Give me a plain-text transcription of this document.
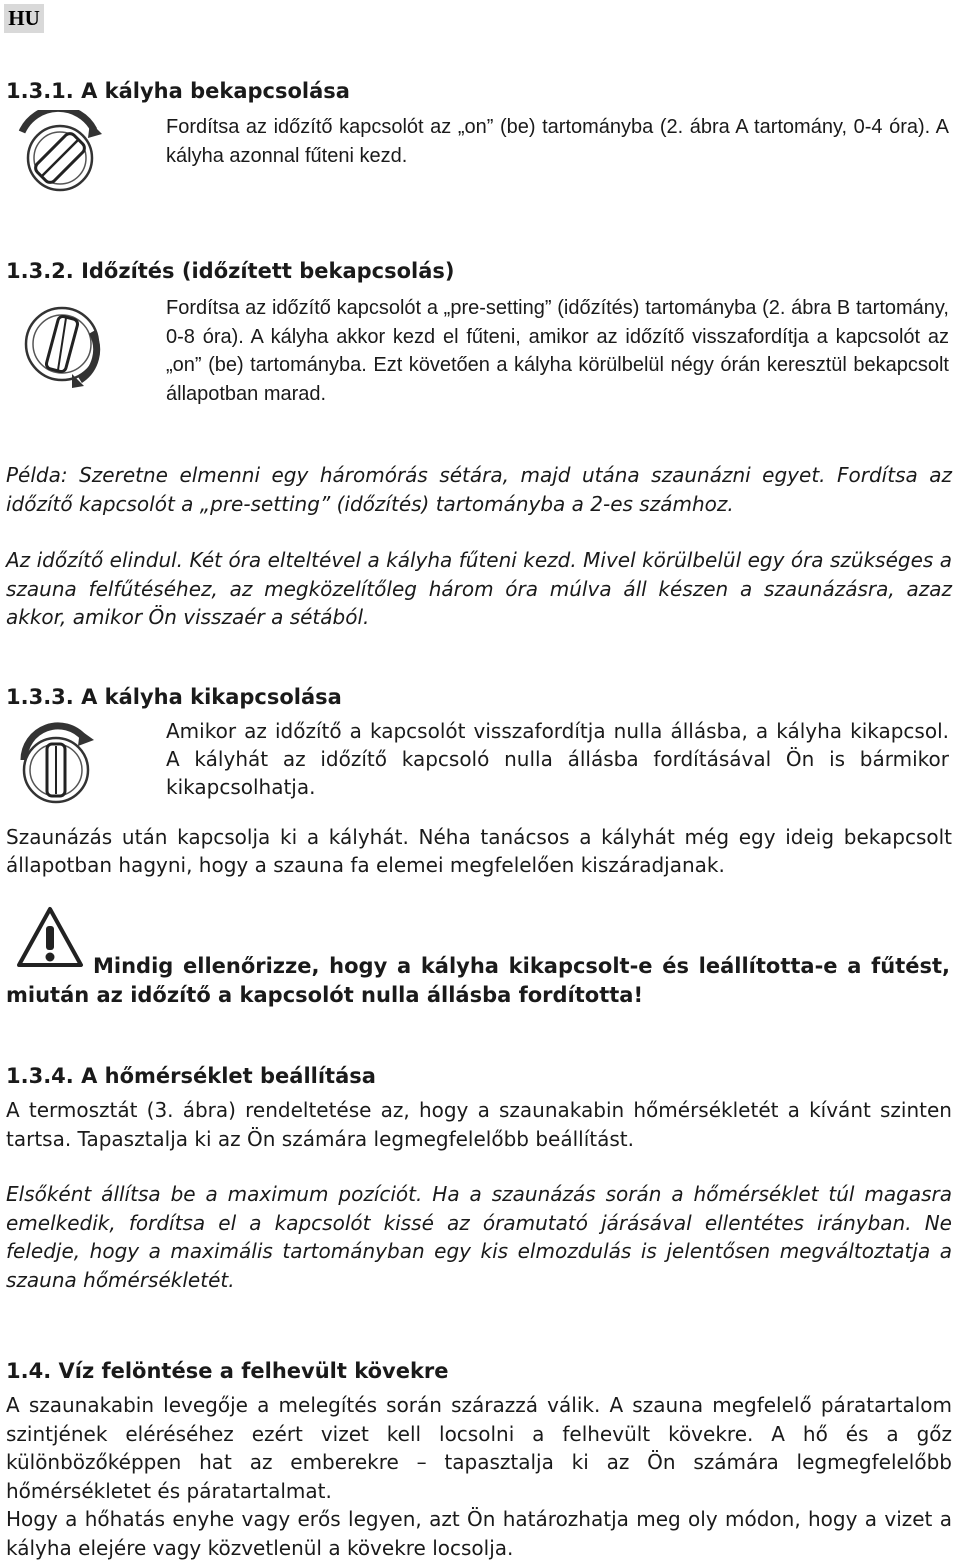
HU
1.3.1. A kályha bekapcsolása
Fordítsa az időzítő kapcsolót az „on” (be) tartományba (2. ábra A tartomány, 0-4 óra). A kályha azonnal fűteni kezd.
1.3.2. Időzítés (időzített bekapcsolás)
Fordítsa az időzítő kapcsolót a „pre-setting” (időzítés) tartományba (2. ábra B tartomány, 0-8 óra). A kályha akkor kezd el fűteni, amikor az időzítő visszafordítja a kapcsolót az „on” (be) tartományba. Ezt követően a kályha körülbelül négy órán keresztül bekapcsolt állapotban marad.
Példa: Szeretne elmenni egy háromórás sétára, majd utána szaunázni egyet. Fordítsa az időzítő kapcsolót a „pre-setting” (időzítés) tartományba a 2-es számhoz.
Az időzítő elindul. Két óra elteltével a kályha fűteni kezd. Mivel körülbelül egy óra szükséges a szauna felfűtéséhez, az megközelítőleg három óra múlva áll készen a szaunázásra, azaz akkor, amikor Ön visszaér a sétából.
1.3.3. A kályha kikapcsolása
Amikor az időzítő a kapcsolót visszafordítja nulla állásba, a kályha kikapcsol. A kályhát az időzítő kapcsoló nulla állásba fordításával Ön is bármikor kikapcsolhatja.
Szaunázás után kapcsolja ki a kályhát. Néha tanácsos a kályhát még egy ideig bekapcsolt állapotban hagyni, hogy a szauna fa elemei megfelelően kiszáradjanak.
Mindig ellenőrizze, hogy a kályha kikapcsolt-e és leállította-e a fűtést, miután az időzítő a kapcsolót nulla állásba fordította!
1.3.4. A hőmérséklet beállítása
A termosztát (3. ábra) rendeltetése az, hogy a szaunakabin hőmérsékletét a kívánt szinten tartsa. Tapasztalja ki az Ön számára legmegfelelőbb beállítást.
Elsőként állítsa be a maximum pozíciót. Ha a szaunázás során a hőmérséklet túl magasra emelkedik, fordítsa el a kapcsolót kissé az óramutató járásával ellentétes irányban. Ne feledje, hogy a maximális tartományban egy kis elmozdulás is jelentősen megváltoztatja a szauna hőmérsékletét.
1.4. Víz felöntése a felhevült kövekre
A szaunakabin levegője a melegítés során szárazzá válik. A szauna megfelelő páratartalom szintjének eléréséhez ezért vizet kell locsolni a felhevült kövekre. A hő és a gőz különbözőképpen hat az emberekre – tapasztalja ki az Ön számára legmegfelelőbb hőmérsékletet és páratartalmat.
Hogy a hőhatás enyhe vagy erős legyen, azt Ön határozhatja meg oly módon, hogy a vizet a kályha elejére vagy közvetlenül a kövekre locsolja.
